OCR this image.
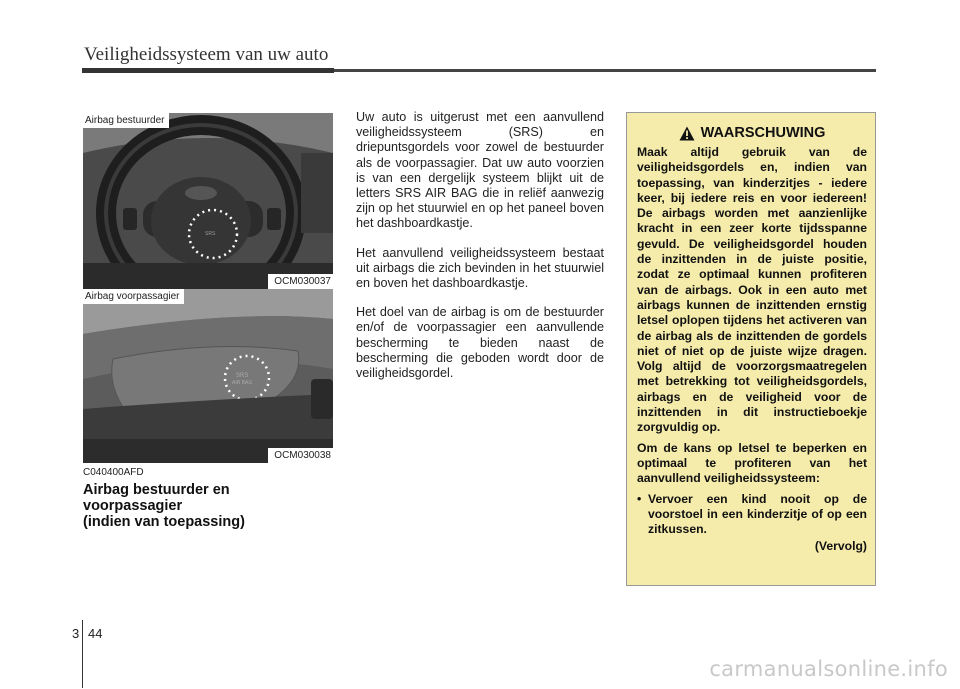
Veiligheidssysteem van uw auto
SRS
Airbag bestuurder
OCM030037
SRS
AIR BAG
Airbag voorpassagier
OCM030038
C040400AFD
Airbag bestuurder en
voorpassagier
(indien van toepassing)

Uw auto is uitgerust met een aanvullend veiligheidssysteem (SRS) en driepuntsgordels voor zowel de bestuurder als de voorpassagier. Dat uw auto voorzien is van een dergelijk systeem blijkt uit de letters SRS AIR BAG die in reliëf aanwezig zijn op het stuurwiel en op het paneel boven het dashboardkastje.

Het aanvullend veiligheidssysteem bestaat uit airbags die zich bevinden in het stuurwiel en boven het dashboardkastje.

Het doel van de airbag is om de bestuurder en/of de voorpassagier een aanvullende bescherming te bieden naast de bescherming die geboden wordt door de veiligheidsgordel.

WAARSCHUWING

Maak altijd gebruik van de veiligheidsgordels en, indien van toepassing, van kinderzitjes - iedere keer, bij iedere reis en voor iedereen! De airbags worden met aanzienlijke kracht in een zeer korte tijdsspanne gevuld. De veiligheidsgordel houden de inzittenden in de juiste positie, zodat ze optimaal kunnen profiteren van de airbags. Ook in een auto met airbags kunnen de inzittenden ernstig letsel oplopen tijdens het activeren van de airbag als de inzittenden de gordels niet of niet op de juiste wijze dragen. Volg altijd de voorzorgsmaatregelen met betrekking tot veiligheidsgordels, airbags en de veiligheid voor de inzittenden in dit instructieboekje zorgvuldig op.

Om de kans op letsel te beperken en optimaal te profiteren van het aanvullend veiligheidssysteem:

• Vervoer een kind nooit op de voorstoel in een kinderzitje of op een zitkussen.
(Vervolg)
3 44
carmanualsonline.info
